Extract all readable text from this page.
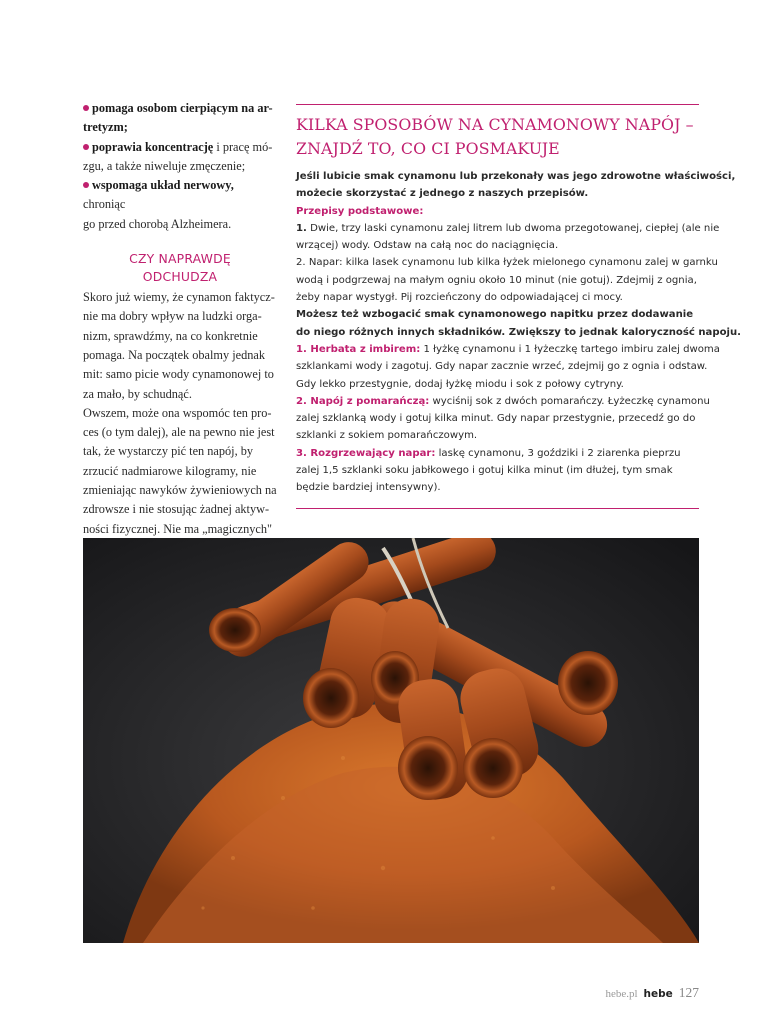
pomaga osobom cierpiącym na ar-
tretyzm;
poprawia koncentrację i pracę mó-
zgu, a także niweluje zmęczenie;
wspomaga układ nerwowy, chroniąc
go przed chorobą Alzheimera.
CZY NAPRAWDĘ
ODCHUDZA
Skoro już wiemy, że cynamon faktycz-
nie ma dobry wpływ na ludzki orga-
nizm, sprawdźmy, na co konkretnie
pomaga. Na początek obalmy jednak
mit: samo picie wody cynamonowej to
za mało, by schudnąć.
Owszem, może ona wspomóc ten pro-
ces (o tym dalej), ale na pewno nie jest
tak, że wystarczy pić ten napój, by
zrzucić nadmiarowe kilogramy, nie
zmieniając nawyków żywieniowych na
zdrowsze i nie stosując żadnej aktyw-
ności fizycznej. Nie ma „magicznych"
KILKA SPOSOBÓW NA CYNAMONOWY NAPÓJ –
ZNAJDŹ TO, CO CI POSMAKUJE
Jeśli lubicie smak cynamonu lub przekonały was jego zdrowotne właściwości,
możecie skorzystać z jednego z naszych przepisów.
Przepisy podstawowe:
1. Dwie, trzy laski cynamonu zalej litrem lub dwoma przegotowanej, ciepłej (ale nie
wrzącej) wody. Odstaw na całą noc do naciągnięcia.
2. Napar: kilka lasek cynamonu lub kilka łyżek mielonego cynamonu zalej w garnku
wodą i podgrzewaj na małym ogniu około 10 minut (nie gotuj). Zdejmij z ognia,
żeby napar wystygł. Pij rozcieńczony do odpowiadającej ci mocy.
Możesz też wzbogacić smak cynamonowego napitku przez dodawanie
do niego różnych innych składników. Zwiększy to jednak kaloryczność napoju.
1. Herbata z imbirem: 1 łyżkę cynamonu i 1 łyżeczkę tartego imbiru zalej dwoma
szklankami wody i zagotuj. Gdy napar zacznie wrzeć, zdejmij go z ognia i odstaw.
Gdy lekko przestygnie, dodaj łyżkę miodu i sok z połowy cytryny.
2. Napój z pomarańczą: wyciśnij sok z dwóch pomarańczy. Łyżeczkę cynamonu
zalej szklanką wody i gotuj kilka minut. Gdy napar przestygnie, przecedź go do
szklanki z sokiem pomarańczowym.
3. Rozgrzewający napar: laskę cynamonu, 3 goździki i 2 ziarenka pieprzu
zalej 1,5 szklanki soku jabłkowego i gotuj kilka minut (im dłużej, tym smak
będzie bardziej intensywny).
hebe.pl hebe 127
